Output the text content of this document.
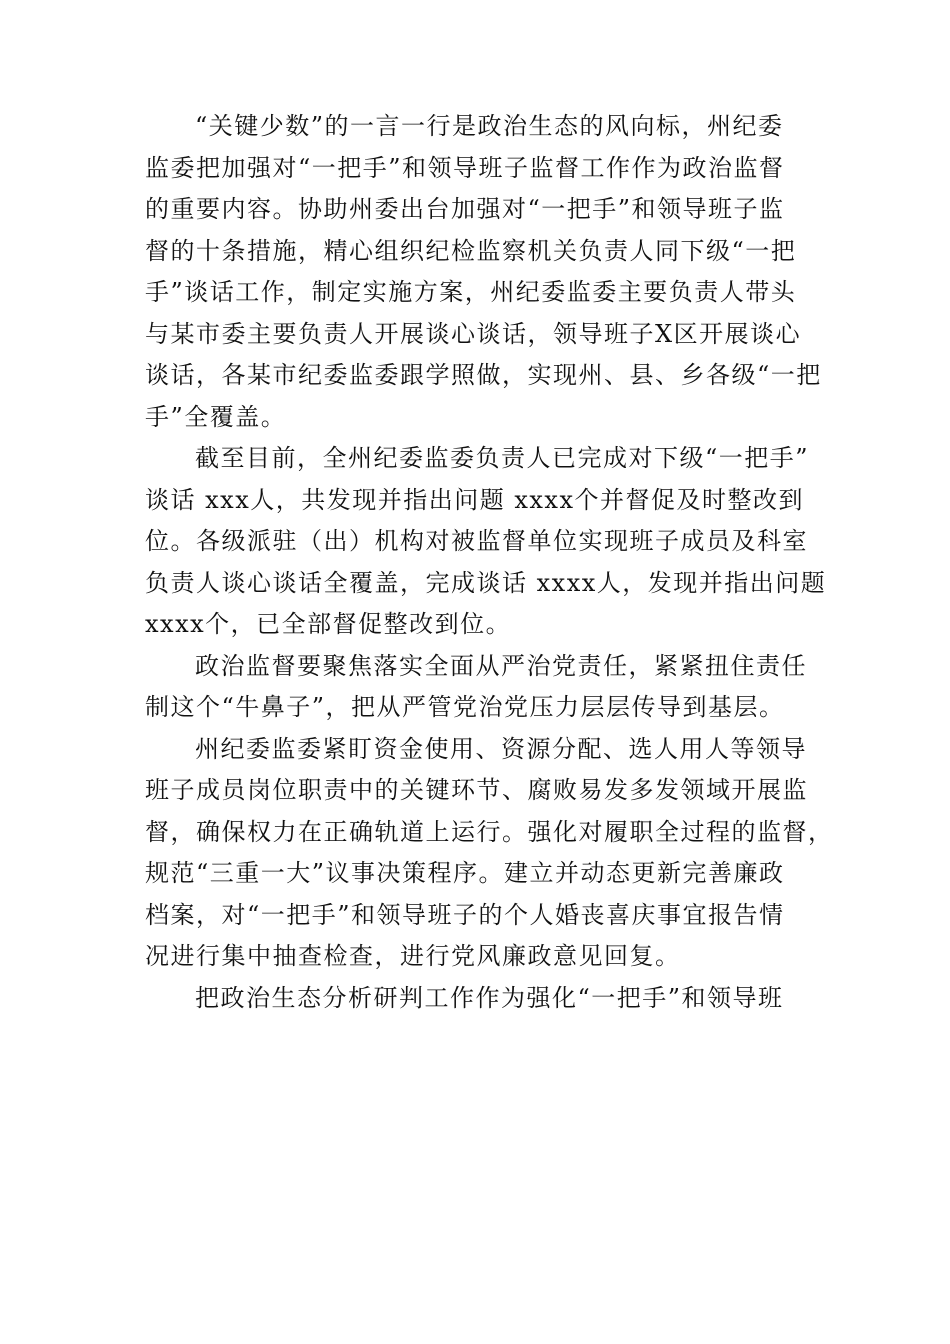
“关键少数”的一言一行是政治生态的风向标，州纪委
监委把加强对“一把手”和领导班子监督工作作为政治监督
的重要内容。协助州委出台加强对“一把手”和领导班子监
督的十条措施，精心组织纪检监察机关负责人同下级“一把
手”谈话工作，制定实施方案，州纪委监委主要负责人带头
与某市委主要负责人开展谈心谈话，领导班子X区开展谈心
谈话，各某市纪委监委跟学照做，实现州、县、乡各级“一把
手”全覆盖。
截至目前，全州纪委监委负责人已完成对下级“一把手”
谈话 xxx人，共发现并指出问题 xxxx个并督促及时整改到
位。各级派驻（出）机构对被监督单位实现班子成员及科室
负责人谈心谈话全覆盖，完成谈话 xxxx人，发现并指出问题
xxxx个，已全部督促整改到位。
政治监督要聚焦落实全面从严治党责任，紧紧扭住责任
制这个“牛鼻子”，把从严管党治党压力层层传导到基层。
州纪委监委紧盯资金使用、资源分配、选人用人等领导
班子成员岗位职责中的关键环节、腐败易发多发领域开展监
督，确保权力在正确轨道上运行。强化对履职全过程的监督，
规范“三重一大”议事决策程序。建立并动态更新完善廉政
档案，对“一把手”和领导班子的个人婚丧喜庆事宜报告情
况进行集中抽查检查，进行党风廉政意见回复。
把政治生态分析研判工作作为强化“一把手”和领导班
